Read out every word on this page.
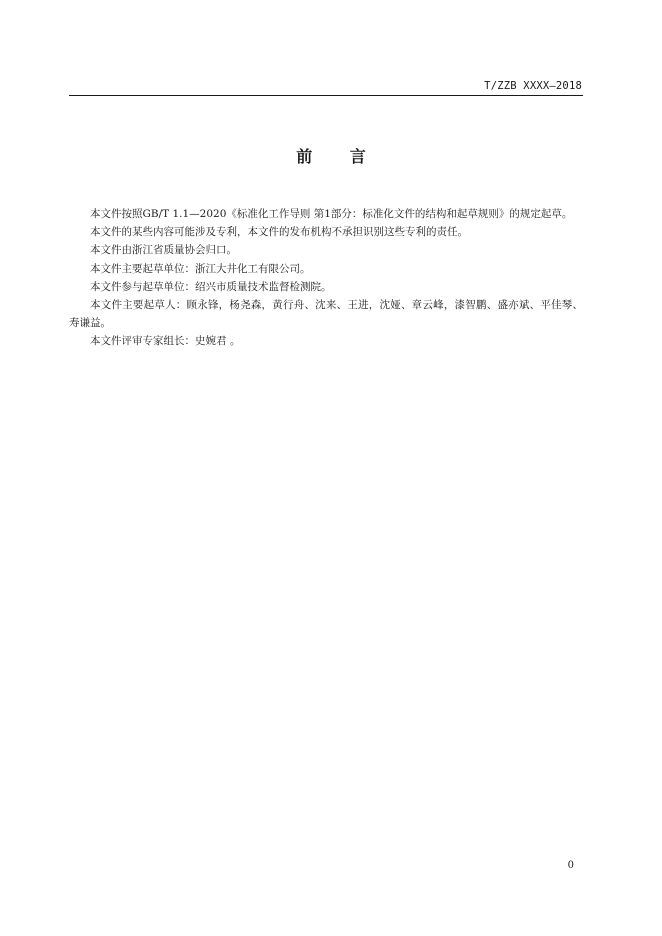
T/ZZB XXXX—2018
前 言

本文件按照GB/T 1.1—2020《标准化工作导则 第1部分：标准化文件的结构和起草规则》的规定起草。

本文件的某些内容可能涉及专利，本文件的发布机构不承担识别这些专利的责任。

本文件由浙江省质量协会归口。

本文件主要起草单位：浙江大井化工有限公司。

本文件参与起草单位：绍兴市质量技术监督检测院。

本文件主要起草人：顾永锋，杨尧森，黄行舟、沈来、王进，沈娅、章云峰，漆智鹏、盛亦斌、平佳琴、寿谦益。

本文件评审专家组长：史婉君 。

0
